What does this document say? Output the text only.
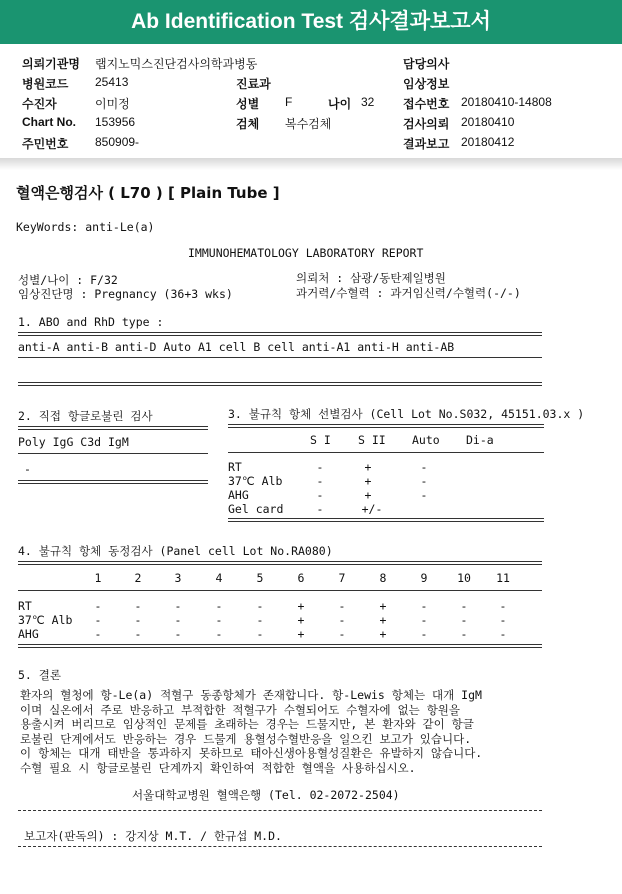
Ab Identification Test 검사결과보고서
의뢰기관명 랩지노믹스진단검사의학과병동	담당의사
병원코드 25413	진료과	임상정보
수진자	이미정	성별 F	나이 32 접수번호 20180410-14808
Chart No. 153956	검체 복수검체	검사의뢰 20180410
주민번호 850909-	결과보고 20180412
혈액은행검사 ( L70 ) [ Plain Tube ]
KeyWords: anti-Le(a)
IMMUNOHEMATOLOGY LABORATORY REPORT
성별/나이 : F/32
임상진단명 : Pregnancy (36+3 wks)
의뢰처 : 삼광/동탄제일병원
과거력/수혈력 : 과거임신력/수혈력(-/-)
1. ABO and RhD type :
anti-A anti-B anti-D Auto A1 cell B cell anti-A1 anti-H anti-AB
2. 직접 항글로불린 검사
Poly IgG C3d IgM
-
3. 불규칙 항체 선별검사 (Cell Lot No.S032, 45151.03.x )
S I S II Auto Di-a
RT	-	+	-
37℃ Alb	-	+	-
AHG	-	+	-
Gel card	-	+/-
4. 불규칙 항체 동정검사 (Panel cell Lot No.RA080)
1	2	3	4	5	6	7	8	9	10	11
RT	-	-	-	-	-	+	-	+	-	-	-
37℃ Alb	-	-	-	-	-	+	-	+	-	-	-
AHG	-	-	-	-	-	+	-	+	-	-	-
5. 결론
환자의 혈청에 항-Le(a) 적혈구 동종항체가 존재합니다. 항-Lewis 항체는 대개 IgM
이며 실온에서 주로 반응하고 부적합한 적혈구가 수혈되어도 수혈자에 없는 항원을
용출시켜 버리므로 임상적인 문제를 초래하는 경우는 드물지만, 본 환자와 같이 항글
로불린 단계에서도 반응하는 경우 드물게 용혈성수혈반응을 일으킨 보고가 있습니다.
이 항체는 대개 태반을 통과하지 못하므로 태아신생아용혈성질환은 유발하지 않습니다.
수혈 필요 시 항글로불린 단계까지 확인하여 적합한 혈액을 사용하십시오.
서울대학교병원 혈액은행 (Tel. 02-2072-2504)
보고자(판독의) : 강지상 M.T. / 한규섭 M.D.
